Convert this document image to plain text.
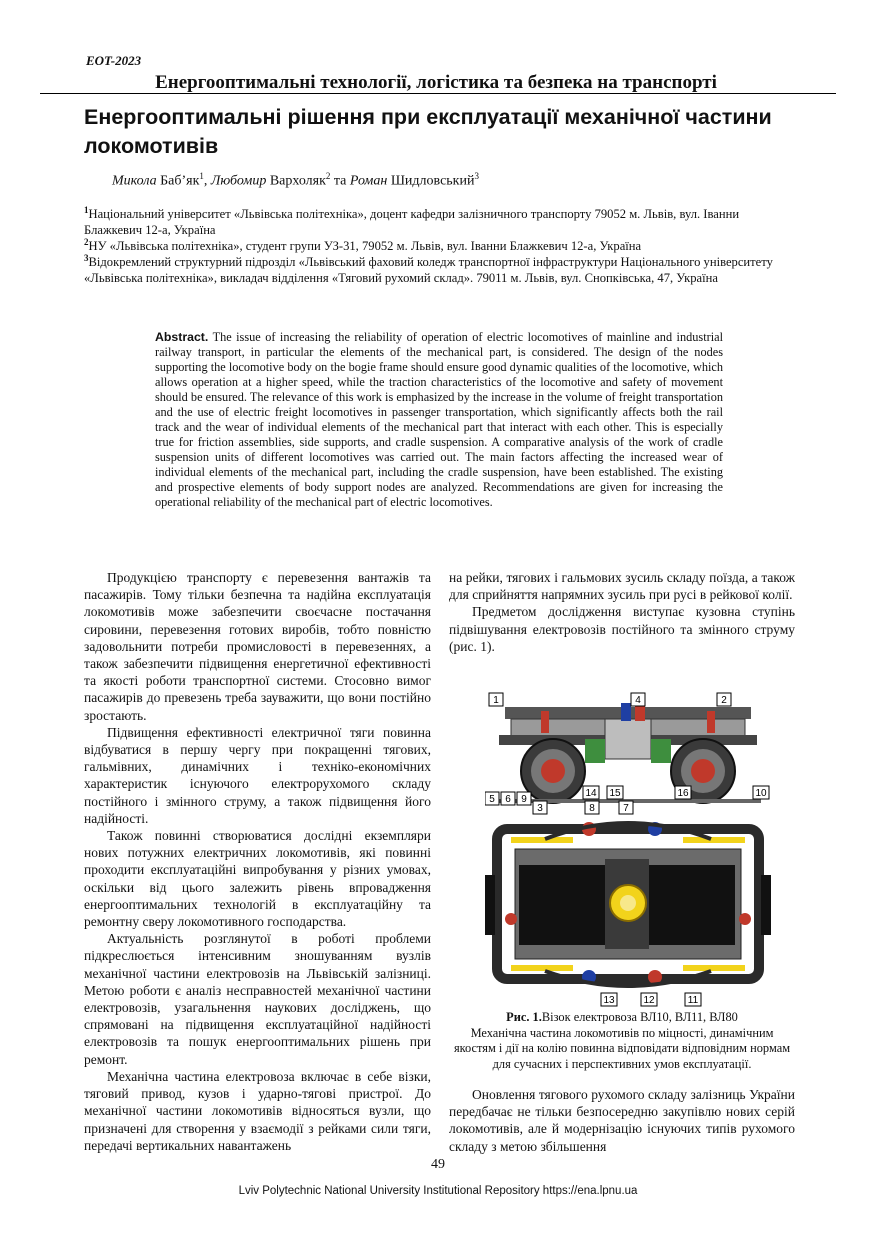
EOT-2023
Енергооптимальні технології, логістика та безпека на транспорті
Енергооптимальні рішення при експлуатації механічної частини локомотивів
Микола $Баб’як^1$, Любомир Вархоляк$^2$ та Роман Шидловський$^3$
$^1$Національний університет «Львівська політехніка», доцент кафедри залізничного транспорту 79052 м. Львів, вул. Іванни Блажкевич 12-а, Україна
$^2$НУ «Львівська політехніка», студент групи УЗ-31, 79052 м. Львів, вул. Іванни Блажкевич 12-а, Україна
$^3$Відокремлений структурний підрозділ «Львівський фаховий коледж транспортної інфраструктури Національного університету «Львівська політехніка», викладач відділення «Тяговий рухомий склад». 79011 м. Львів, вул. Снопківська, 47, Україна
Abstract. The issue of increasing the reliability of operation of electric locomotives of mainline and industrial railway transport, in particular the elements of the mechanical part, is considered. The design of the nodes supporting the locomotive body on the bogie frame should ensure good dynamic qualities of the locomotive, which allows operation at a higher speed, while the traction characteristics of the locomotive and safety of movement should be ensured. The relevance of this work is emphasized by the increase in the volume of freight transportation and the use of electric freight locomotives in passenger transportation, which significantly affects both the rail track and the wear of individual elements of the mechanical part that interact with each other. This is especially true for friction assemblies, side supports, and cradle suspension. A comparative analysis of the work of cradle suspension units of different locomotives was carried out. The main factors affecting the increased wear of individual elements of the mechanical part, including the cradle suspension, have been established. The existing and prospective elements of body support nodes are analyzed. Recommendations are given for increasing the operational reliability of the mechanical part of electric locomotives.

Продукцією транспорту є перевезення вантажів та пасажирів. Тому тільки безпечна та надійна експлуатація локомотивів може забезпечити своєчасне постачання сировини, перевезення готових виробів, тобто повністю задовольнити потреби промисловості в перевезеннях, а також забезпечити підвищення енергетичної ефективності та якості роботи транспортної системи. Стосовно вимог пасажирів до превезень треба зауважити, що вони постійно зростають.

Підвищення ефективності електричної тяги повинна відбуватися в першу чергу при покращенні тягових, гальмівних, динамічних і техніко-економічних характеристик існуючого електрорухомого складу постійного і змінного струму, а також підвищення його надійності.

Також повинні створюватися дослідні екземпляри нових потужних електричних локомотивів, які повинні проходити експлуатаційні випробування у різних умовах, оскільки від цього залежить рівень впровадження енергооптимальних технологій в експлуатаційну та ремонтну сверу локомотивного господарства.

Актуальність розглянутої в роботі проблеми підкреслюється інтенсивним зношуванням вузлів механічної частини електровозів на Львівській залізниці. Метою роботи є аналіз несправностей механічної частини електровозів, узагальнення наукових досліджень, що спрямовані на підвищення експлуатаційної надійності електровозів та пошук енергооптимальних рішень при ремонт.

Механічна частина електровоза включає в себе візки, тяговий привод, кузов і ударно-тягові пристрої. До механічної частини локомотивів відносяться вузли, що призначені для створення у взаємодії з рейками сили тяги, передачі вертикальних навантажень

на рейки, тягових і гальмових зусиль складу поїзда, а також для сприйняття напрямних зусиль при русі в рейкової колії.

Предметом дослідження виступає кузовна ступінь підвішування електровозів постійного та змінного струму (рис. 1).

1	4	2
5 6 9
14 15	16	10
3	8	7
13	12	11
Рис. 1.Візок електровоза ВЛ10, ВЛ11, ВЛ80
Механічна частина локомотивів по міцності, динамічним якостям і дії на колію повинна відповідати відповідним нормам для сучасних і перспективних умов експлуатації.

Оновлення тягового рухомого складу залізниць України передбачає не тільки безпосередню закупівлю нових серій локомотивів, але й модернізацію існуючих типів рухомого складу з метою збільшення

49
Lviv Polytechnic National University Institutional Repository https://ena.lpnu.ua
